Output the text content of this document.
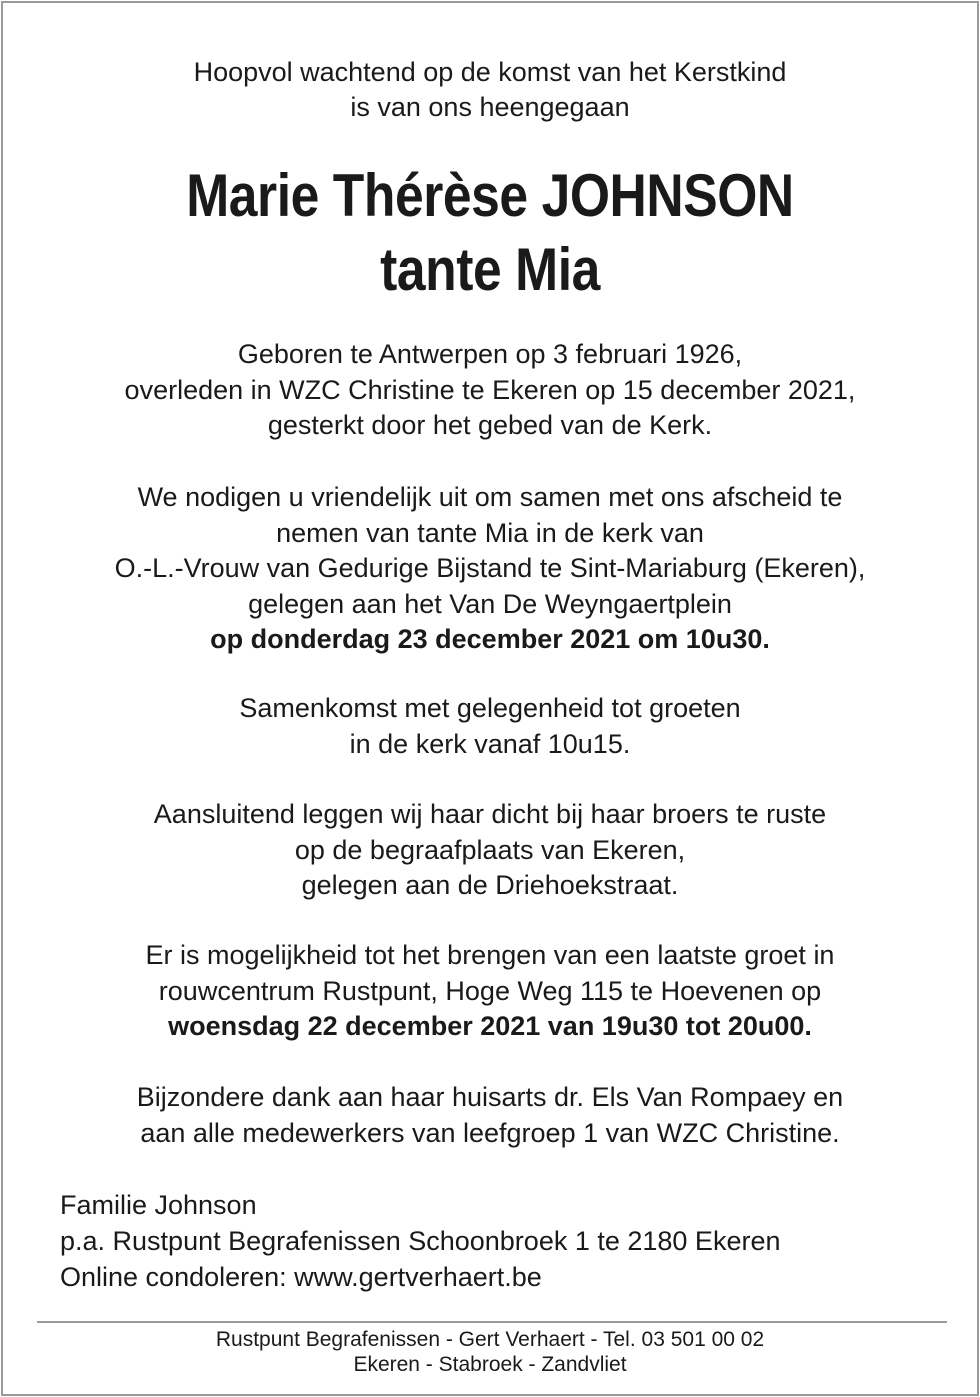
Hoopvol wachtend op de komst van het Kerstkind
is van ons heengegaan
Marie Thérèse JOHNSON
tante Mia
Geboren te Antwerpen op 3 februari 1926,
overleden in WZC Christine te Ekeren op 15 december 2021,
gesterkt door het gebed van de Kerk.
We nodigen u vriendelijk uit om samen met ons afscheid te
nemen van tante Mia in de kerk van
O.-L.-Vrouw van Gedurige Bijstand te Sint-Mariaburg (Ekeren),
gelegen aan het Van De Weyngaertplein
op donderdag 23 december 2021 om 10u30.
Samenkomst met gelegenheid tot groeten
in de kerk vanaf 10u15.
Aansluitend leggen wij haar dicht bij haar broers te ruste
op de begraafplaats van Ekeren,
gelegen aan de Driehoekstraat.
Er is mogelijkheid tot het brengen van een laatste groet in
rouwcentrum Rustpunt, Hoge Weg 115 te Hoevenen op
woensdag 22 december 2021 van 19u30 tot 20u00.
Bijzondere dank aan haar huisarts dr. Els Van Rompaey en
aan alle medewerkers van leefgroep 1 van WZC Christine.
Familie Johnson
p.a. Rustpunt Begrafenissen Schoonbroek 1 te 2180 Ekeren
Online condoleren: www.gertverhaert.be
Rustpunt Begrafenissen - Gert Verhaert - Tel. 03 501 00 02
Ekeren - Stabroek - Zandvliet
